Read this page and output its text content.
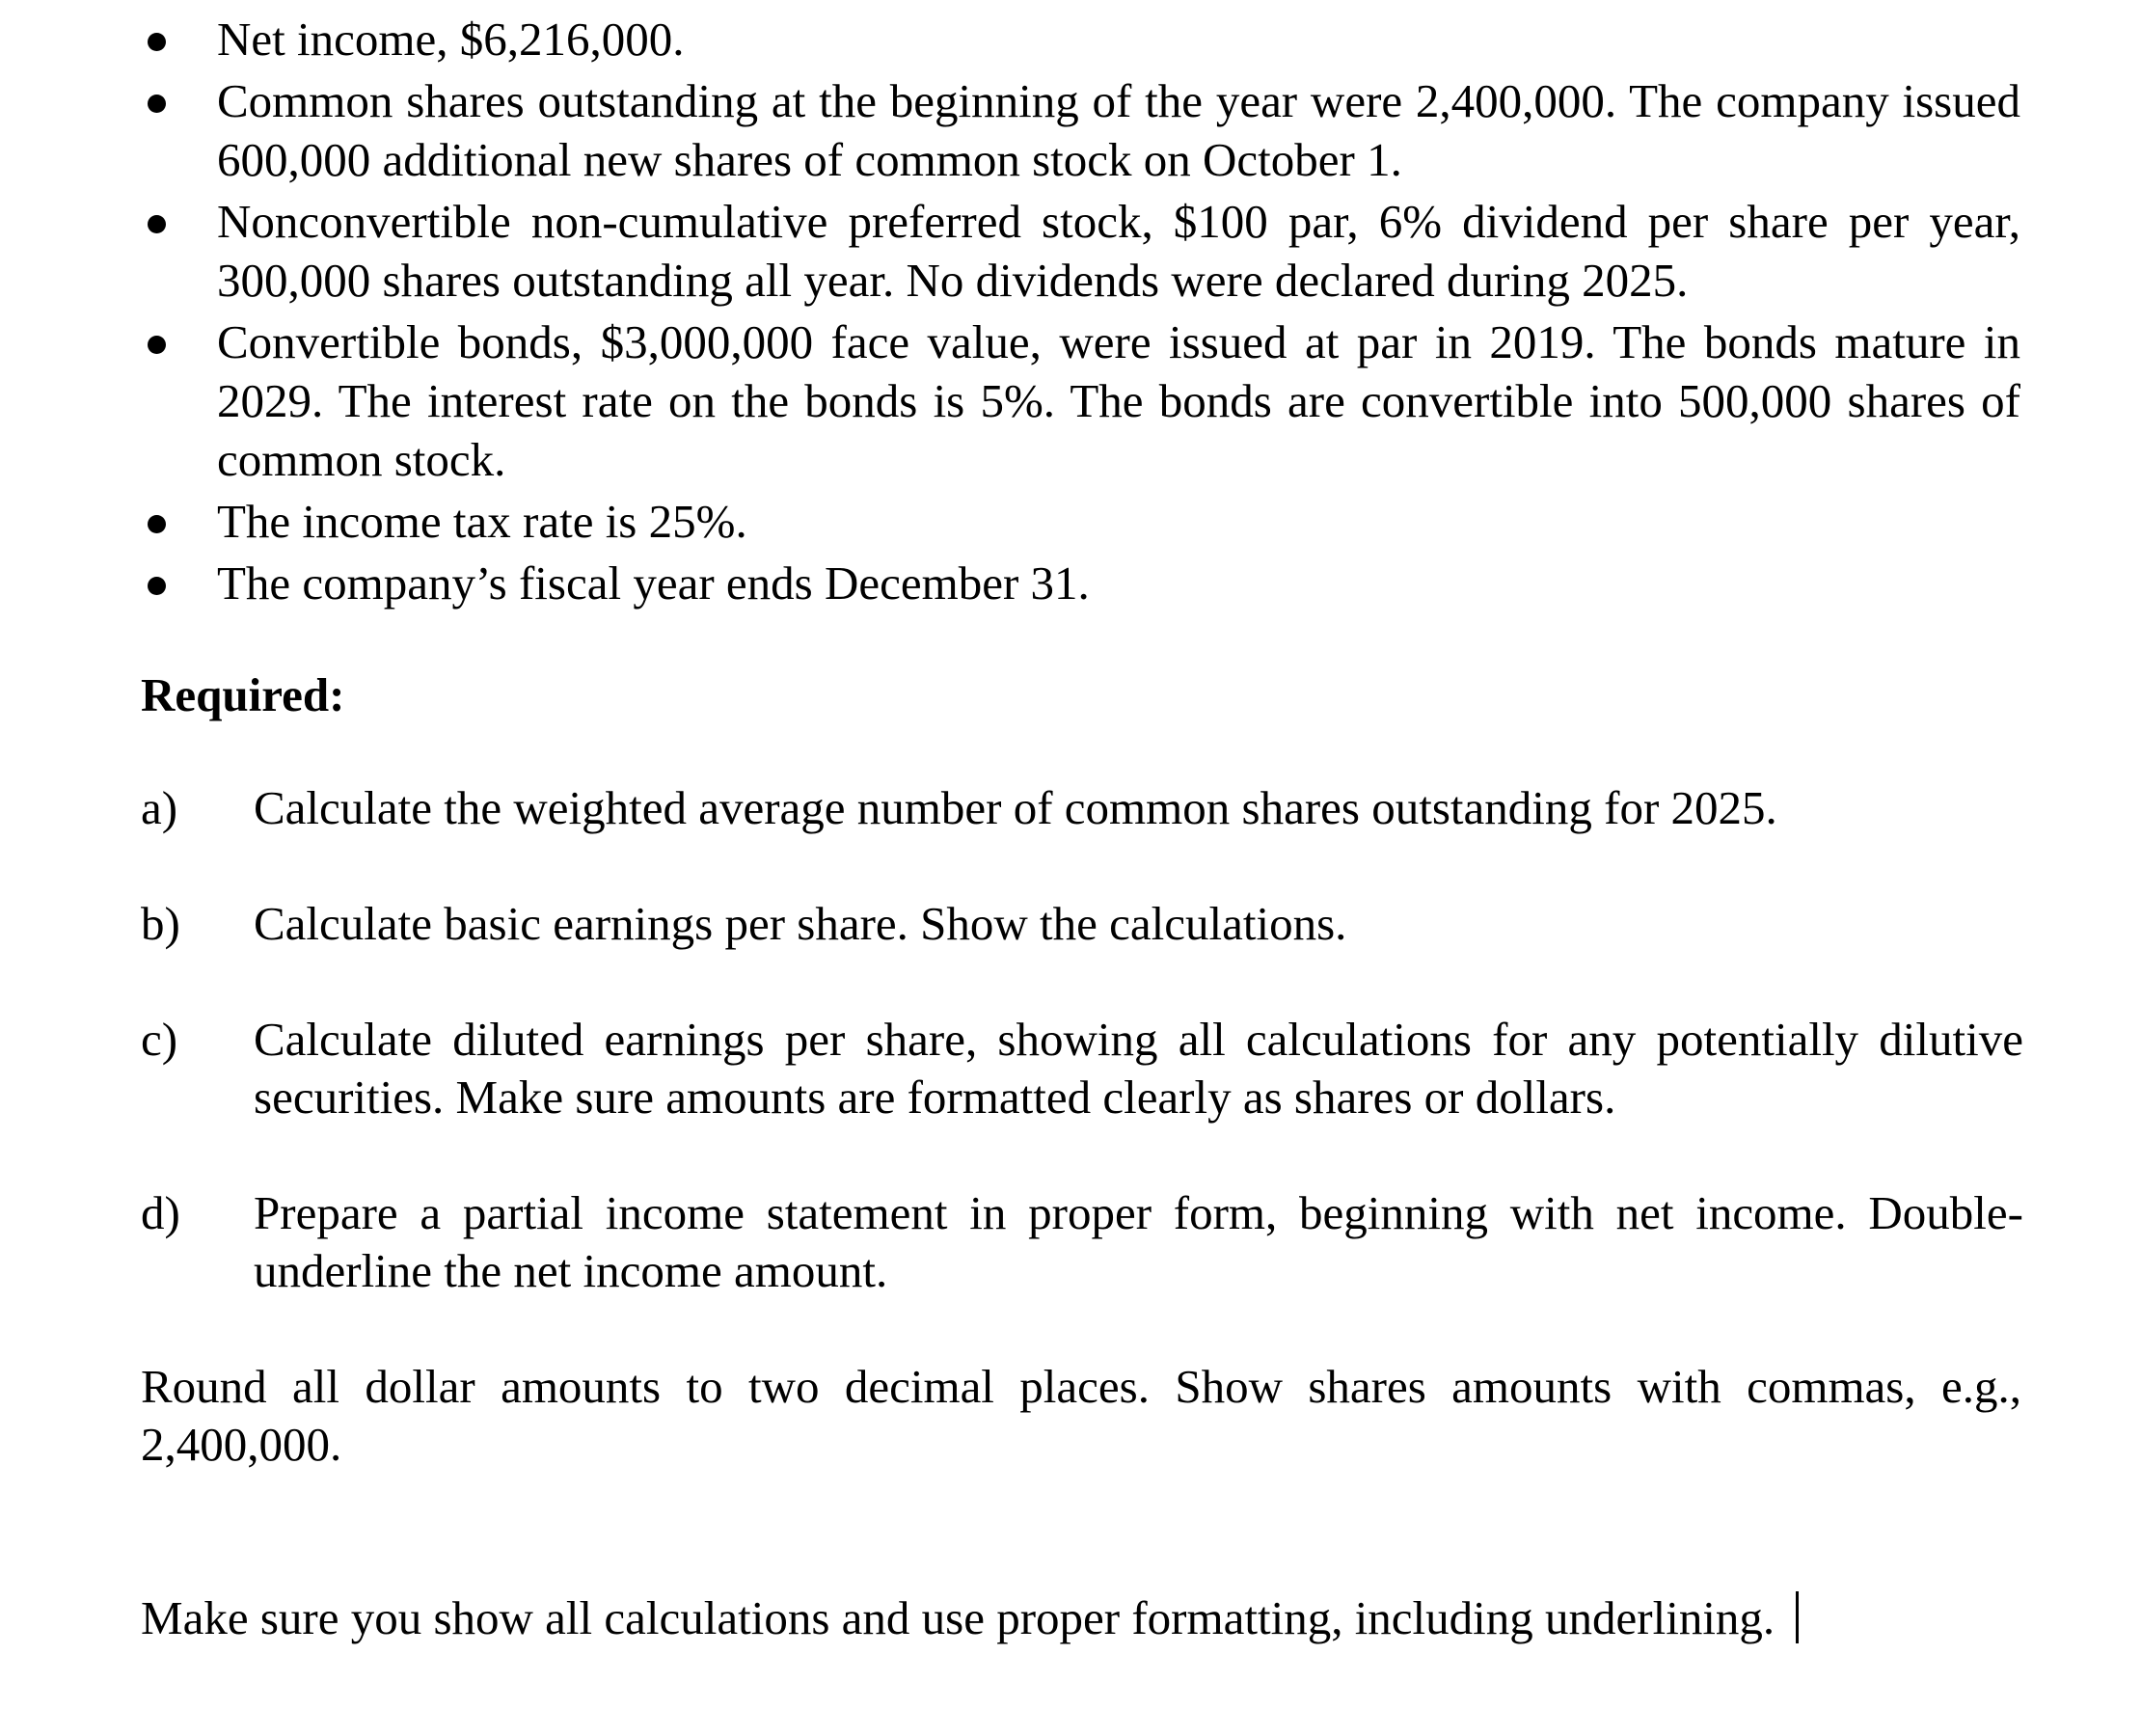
Net income, $6,216,000.
Common shares outstanding at the beginning of the year were 2,400,000. The company issued 600,000 additional new shares of common stock on October 1.
Nonconvertible non-cumulative preferred stock, $100 par, 6% dividend per share per year, 300,000 shares outstanding all year. No dividends were declared during 2025.
Convertible bonds, $3,000,000 face value, were issued at par in 2019. The bonds mature in 2029. The interest rate on the bonds is 5%. The bonds are convertible into 500,000 shares of common stock.
The income tax rate is 25%.
The company’s fiscal year ends December 31.
Required:
a) Calculate the weighted average number of common shares outstanding for 2025.
b) Calculate basic earnings per share. Show the calculations.
c) Calculate diluted earnings per share, showing all calculations for any potentially dilutive securities. Make sure amounts are formatted clearly as shares or dollars.
d) Prepare a partial income statement in proper form, beginning with net income. Double-underline the net income amount.
Round all dollar amounts to two decimal places. Show shares amounts with commas, e.g., 2,400,000.
Make sure you show all calculations and use proper formatting, including underlining.
